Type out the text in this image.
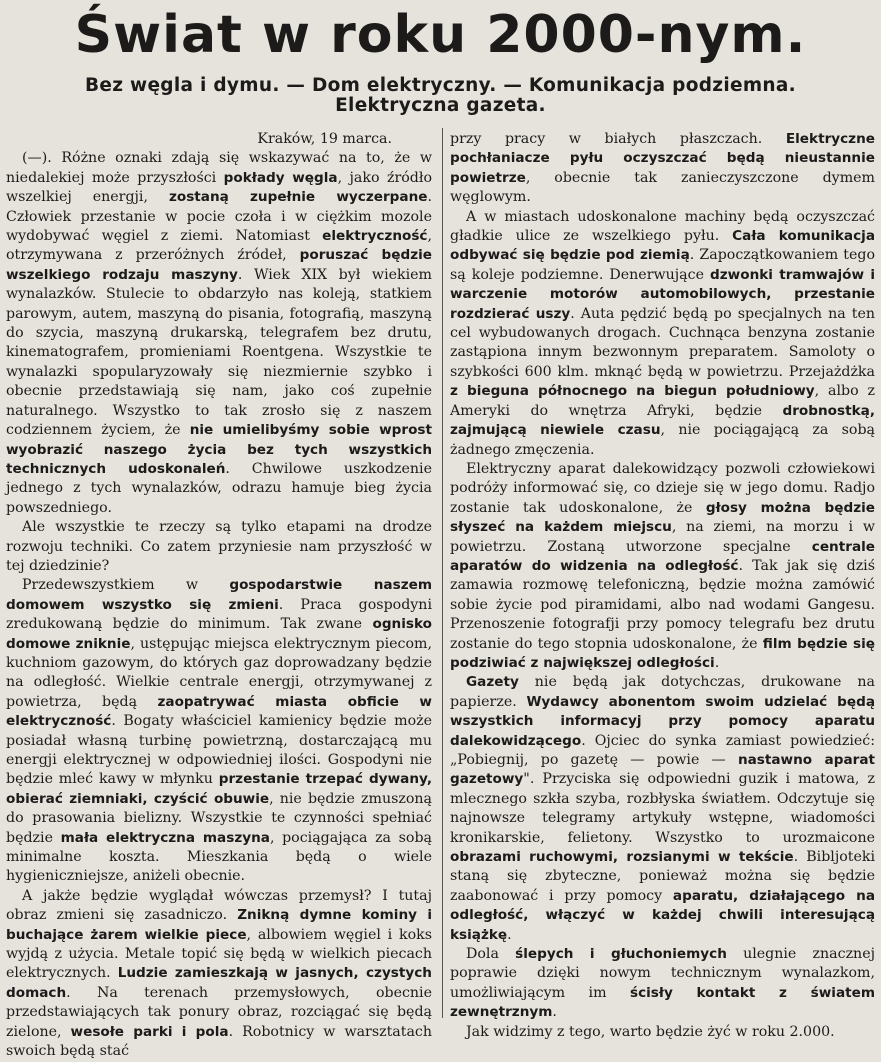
Świat w roku 2000-nym.
Bez węgla i dymu. — Dom elektryczny. — Komunikacja podziemna.
Elektryczna gazeta.
Kraków, 19 marca.

(—). Różne oznaki zdają się wskazywać na to, że w niedalekiej może przyszłości pokłady węgla, jako źródło wszelkiej energji, zostaną zupełnie wyczerpane. Człowiek przestanie w pocie czoła i w ciężkim mozole wydobywać węgiel z ziemi. Natomiast elektryczność, otrzymywana z przeróżnych źródeł, poruszać będzie wszelkiego rodzaju maszyny. Wiek XIX był wiekiem wynalazków. Stulecie to obdarzyło nas koleją, statkiem parowym, autem, maszyną do pisania, fotografią, maszyną do szycia, maszyną drukarską, telegrafem bez drutu, kinematografem, promieniami Roentgena. Wszystkie te wynalazki spopularyzowały się niezmiernie szybko i obecnie przedstawiają się nam, jako coś zupełnie naturalnego. Wszystko to tak zrosło się z naszem codziennem życiem, że nie umielibyśmy sobie wprost wyobrazić naszego życia bez tych wszystkich technicznych udoskonaleń. Chwilowe uszkodzenie jednego z tych wynalazków, odrazu hamuje bieg życia powszedniego.

Ale wszystkie te rzeczy są tylko etapami na drodze rozwoju techniki. Co zatem przyniesie nam przyszłość w tej dziedzinie?

Przedewszystkiem w gospodarstwie naszem domowem wszystko się zmieni. Praca gospodyni zredukowaną będzie do minimum. Tak zwane ognisko domowe zniknie, ustępując miejsca elektrycznym piecom, kuchniom gazowym, do których gaz doprowadzany będzie na odległość. Wielkie centrale energji, otrzymywanej z powietrza, będą zaopatrywać miasta obficie w elektryczność. Bogaty właściciel kamienicy będzie może posiadał własną turbinę powietrzną, dostarczającą mu energji elektrycznej w odpowiedniej ilości. Gospodyni nie będzie mleć kawy w młynku przestanie trzepać dywany, obierać ziemniaki, czyścić obuwie, nie będzie zmuszoną do prasowania bielizny. Wszystkie te czynności spełniać będzie mała elektryczna maszyna, pociągająca za sobą minimalne koszta. Mieszkania będą o wiele hygieniczniejsze, aniżeli obecnie.

A jakże będzie wyglądał wówczas przemysł? I tutaj obraz zmieni się zasadniczo. Znikną dymne kominy i buchające żarem wielkie piece, albowiem węgiel i koks wyjdą z użycia. Metale topić się będą w wielkich piecach elektrycznych. Ludzie zamieszkają w jasnych, czystych domach. Na terenach przemysłowych, obecnie przedstawiających tak ponury obraz, rozciągać się będą zielone, wesołe parki i pola. Robotnicy w warsztatach swoich będą stać

przy pracy w białych płaszczach. Elektryczne pochłaniacze pyłu oczyszczać będą nieustannie powietrze, obecnie tak zanieczyszczone dymem węglowym.

A w miastach udoskonalone machiny będą oczyszczać gładkie ulice ze wszelkiego pyłu. Cała komunikacja odbywać się będzie pod ziemią. Zapoczątkowaniem tego są koleje podziemne. Denerwujące dzwonki tramwajów i warczenie motorów automobilowych, przestanie rozdzierać uszy. Auta pędzić będą po specjalnych na ten cel wybudowanych drogach. Cuchnąca benzyna zostanie zastąpiona innym bezwonnym preparatem. Samoloty o szybkości 600 klm. mknąć będą w powietrzu. Przejażdżka z bieguna północnego na biegun południowy, albo z Ameryki do wnętrza Afryki, będzie drobnostką, zajmującą niewiele czasu, nie pociągającą za sobą żadnego zmęczenia.

Elektryczny aparat dalekowidzący pozwoli człowiekowi podróży informować się, co dzieje się w jego domu. Radjo zostanie tak udoskonalone, że głosy można będzie słyszeć na każdem miejscu, na ziemi, na morzu i w powietrzu. Zostaną utworzone specjalne centrale aparatów do widzenia na odległość. Tak jak się dziś zamawia rozmowę telefoniczną, będzie można zamówić sobie życie pod piramidami, albo nad wodami Gangesu. Przenoszenie fotografji przy pomocy telegrafu bez drutu zostanie do tego stopnia udoskonalone, że film będzie się podziwiać z największej odległości.

Gazety nie będą jak dotychczas, drukowane na papierze. Wydawcy abonentom swoim udzielać będą wszystkich informacyj przy pomocy aparatu dalekowidzącego. Ojciec do synka zamiast powiedzieć: „Pobiegnij, po gazetę — powie — nastawno aparat gazetowy". Przyciska się odpowiedni guzik i matowa, z mlecznego szkła szyba, rozbłyska światłem. Odczytuje się najnowsze telegramy artykuły wstępne, wiadomości kronikarskie, felietony. Wszystko to urozmaicone obrazami ruchowymi, rozsianymi w tekście. Bibljoteki staną się zbyteczne, ponieważ można się będzie zaabonować i przy pomocy aparatu, działającego na odległość, włączyć w każdej chwili interesującą książkę.

Dola ślepych i głuchoniemych ulegnie znacznej poprawie dzięki nowym technicznym wynalazkom, umożliwiającym im ścisły kontakt z światem zewnętrznym.

Jak widzimy z tego, warto będzie żyć w roku 2.000.
